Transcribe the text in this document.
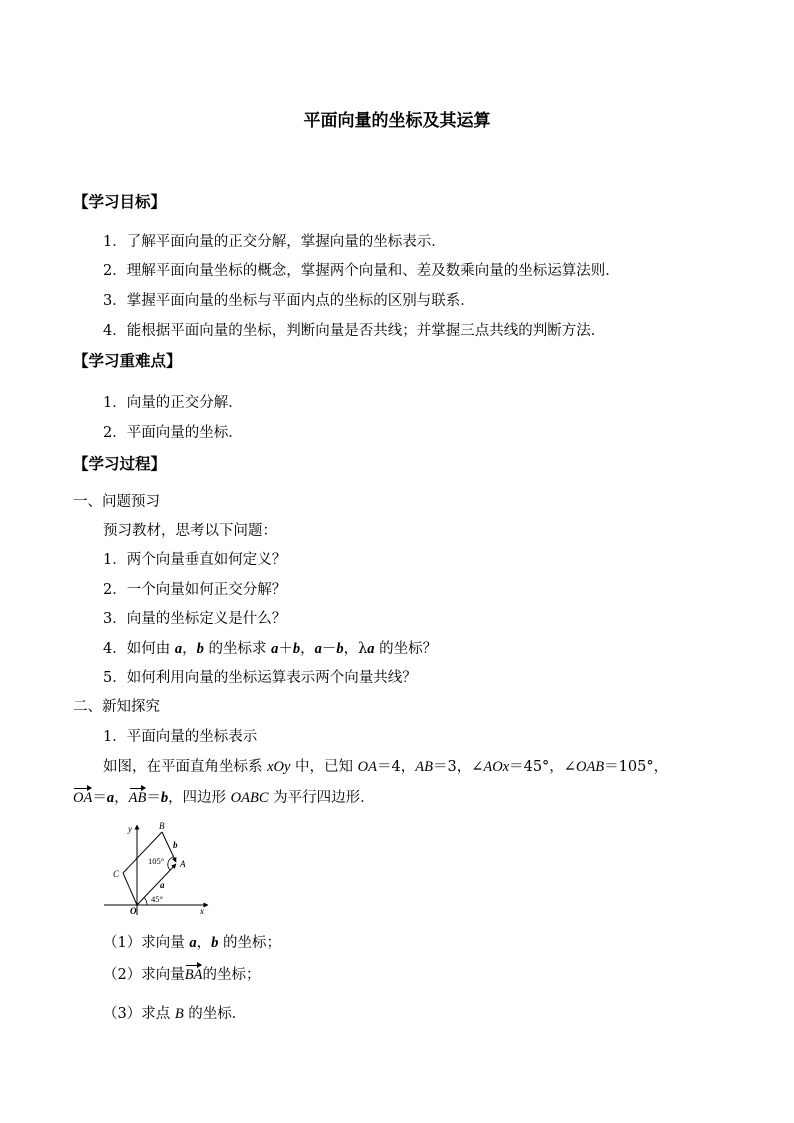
平面向量的坐标及其运算
【学习目标】
1．了解平面向量的正交分解，掌握向量的坐标表示．
2．理解平面向量坐标的概念，掌握两个向量和、差及数乘向量的坐标运算法则．
3．掌握平面向量的坐标与平面内点的坐标的区别与联系．
4．能根据平面向量的坐标，判断向量是否共线；并掌握三点共线的判断方法．
【学习重难点】
1．向量的正交分解．
2．平面向量的坐标．
【学习过程】
一、问题预习
预习教材，思考以下问题：
1．两个向量垂直如何定义？
2．一个向量如何正交分解？
3．向量的坐标定义是什么？
4．如何由 a，b 的坐标求 a＋b，a－b，λa 的坐标？
5．如何利用向量的坐标运算表示两个向量共线？
二、新知探究
1．平面向量的坐标表示
如图，在平面直角坐标系 xOy 中，已知 OA＝4，AB＝3，∠AOx＝45°，∠OAB＝105°，
OA＝a，AB＝b，四边形 OABC 为平行四边形．
y
x
O
A
B
C
a
b
105°
45°
（1）求向量 a，b 的坐标；
（2）求向量BA的坐标；
（3）求点 B 的坐标．
